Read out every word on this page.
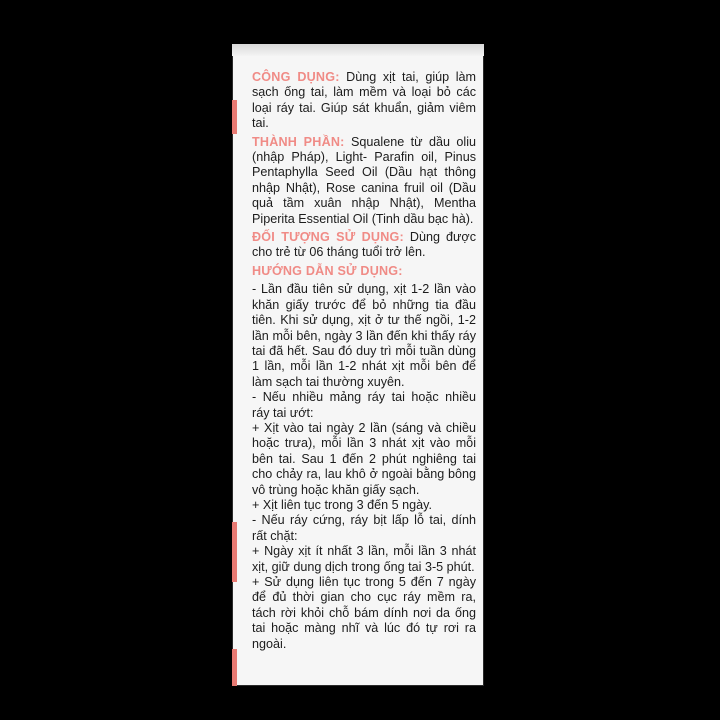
CÔNG DỤNG: Dùng xịt tai, giúp làm sạch ống tai, làm mềm và loại bỏ các loại ráy tai. Giúp sát khuẩn, giảm viêm tai.

THÀNH PHẦN: Squalene từ dầu oliu (nhập Pháp), Light- Parafin oil, Pinus Pentaphylla Seed Oil (Dầu hạt thông nhập Nhật), Rose canina fruil oil (Dầu quả tầm xuân nhập Nhật), Mentha Piperita Essential Oil (Tinh dầu bạc hà).

ĐỐI TƯỢNG SỬ DỤNG: Dùng được cho trẻ từ 06 tháng tuổi trở lên.

HƯỚNG DẪN SỬ DỤNG:

- Lần đầu tiên sử dụng, xịt 1-2 lần vào khăn giấy trước để bỏ những tia đầu tiên. Khi sử dụng, xịt ở tư thế ngồi, 1-2 lần mỗi bên, ngày 3 lần đến khi thấy ráy tai đã hết. Sau đó duy trì mỗi tuần dùng 1 lần, mỗi lần 1-2 nhát xịt mỗi bên để làm sạch tai thường xuyên.

- Nếu nhiều mảng ráy tai hoặc nhiều ráy tai ướt:

+ Xịt vào tai ngày 2 lần (sáng và chiều hoặc trưa), mỗi lần 3 nhát xịt vào mỗi bên tai. Sau 1 đến 2 phút nghiêng tai cho chảy ra, lau khô ở ngoài bằng bông vô trùng hoặc khăn giấy sạch.

+ Xịt liên tục trong 3 đến 5 ngày.

- Nếu ráy cứng, ráy bịt lấp lỗ tai, dính rất chặt:

+ Ngày xịt ít nhất 3 lần, mỗi lần 3 nhát xịt, giữ dung dịch trong ống tai 3-5 phút.

+ Sử dụng liên tục trong 5 đến 7 ngày để đủ thời gian cho cục ráy mềm ra, tách rời khỏi chỗ bám dính nơi da ống tai hoặc màng nhĩ và lúc đó tự rơi ra ngoài.
